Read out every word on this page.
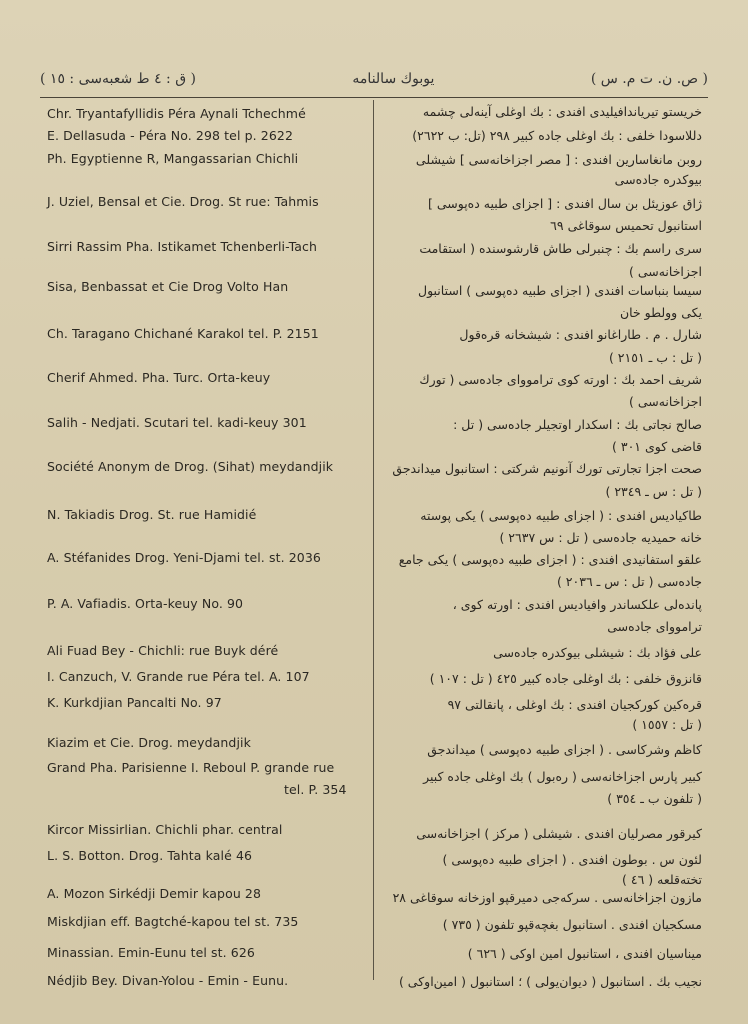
( ق : ٤ ط شعبه‌سی : ١٥ )	یوبوك سالنامه	( ص. ن. ت م. س )
Chr. Tryantafyllidis Péra Aynali Tchechmé
E. Dellasuda - Péra No. 298 tel p. 2622
Ph. Egyptienne R, Mangassarian Chichli
J. Uziel, Bensal et Cie. Drog. St rue: Tahmis
Sirri Rassim Pha. Istikamet Tchenberli-Tach
Sisa, Benbassat et Cie Drog Volto Han
Ch. Taragano Chichané Karakol tel. P. 2151
Cherif Ahmed. Pha. Turc. Orta-keuy
Salih - Nedjati. Scutari tel. kadi-keuy 301
Société Anonym de Drog. (Sihat) meydandjik
N. Takiadis Drog. St. rue Hamidié
A. Stéfanides Drog. Yeni-Djami tel. st. 2036
P. A. Vafiadis. Orta-keuy No. 90
Ali Fuad Bey - Chichli: rue Buyk déré
I. Canzuch, V. Grande rue Péra tel. A. 107
K. Kurkdjian Pancalti No. 97
Kiazim et Cie. Drog. meydandjik
Grand Pha. Parisienne I. Reboul P. grande rue
tel. P. 354
Kircor Missirlian. Chichli phar. central
L. S. Botton. Drog. Tahta kalé 46
A. Mozon Sirkédji Demir kapou 28
Miskdjian eff. Bagtché-kapou tel st. 735
Minassian. Emin-Eunu tel st. 626
Nédjib Bey. Divan-Yolou - Emin - Eunu.
خریستو تیریاندافیلیدی افندی : بك اوغلی آینه‌لی چشمه
دللاسودا خلفی : بك اوغلی جاده کبیر ٢٩٨ (تل: ب ٢٦٢٢)
روبن مانغاسارین افندی : [ مصر اجزاخانه‌سی ] شیشلی
بیوکدره جاده‌سی
ژاق عوزیئل بن سال افندی : [ اجزای طبیه ده‌پوسی ]
استانبول تحمیس سوقاغی ٦٩
سری راسم بك : چنبرلی طاش قارشوسنده ( استقامت
اجزاخانه‌سی )
سیسا بنباسات افندی ( اجزای طبیه ده‌پوسی ) استانبول
یکی وولطو خان
شارل . م . طاراغانو افندی : شیشخانه قره‌قول
( تل : ب ـ ٢١٥١ )
شریف احمد بك : اورته کوی ترامووای جاده‌سی ( تورك
اجزاخانه‌سی )
صالح نجاتی بك : اسکدار اوتجیلر جاده‌سی ( تل :
قاضی کوی ٣٠١ )
صحت اجزا تجارتی تورك آنونیم شرکتی : استانبول میداندجق
( تل : س ـ ٢٣٤٩ )
طاکیادیس افندی : ( اجزای طبیه ده‌پوسی ) یکی پوسته
خانه حمیدیه جاده‌سی ( تل : س ٢٦٣٧ )
علقو استفانیدی افندی : ( اجزای طبیه ده‌پوسی ) یکی جامع
جاده‌سی ( تل : س ـ ٢٠٣٦ )
پانده‌لی علکساندر وافیادیس افندی : اورته کوی ،
ترامووای جاده‌سی
علی فؤاد بك : شیشلی بیوکدره جاده‌سی
قانزوق خلفی : بك اوغلی جاده کبیر ٤٢٥ ( تل : ١٠٧ )
قره‌کین کورکجیان افندی : بك اوغلی ، پانقالتی ٩٧
( تل : ١٥٥٧ )
کاظم وشرکاسی . ( اجزای طبیه ده‌پوسی ) میداندجق
کبیر پارس اجزاخانه‌سی ( ره‌بول ) بك اوغلی جاده کبیر
( تلفون ب ـ ٣٥٤ )
کیرقور مصرلیان افندی . شیشلی ( مرکز ) اجزاخانه‌سی
لئون س . بوطون افندی . ( اجزای طبیه ده‌پوسی )
تخته‌قلعه ( ٤٦ )
مازون اجزاخانه‌سی . سرکه‌جی دمیرقپو اوزخانه سوقاغی ٢٨
مسکجیان افندی . استانبول بغچه‌قپو تلفون ( ٧٣٥ )
میناسیان افندی ، استانبول امین اوکی ( ٦٢٦ )
نجیب بك . استانبول ( دیوان‌یولی ) ؛ استانبول ( امین‌اوکی )
